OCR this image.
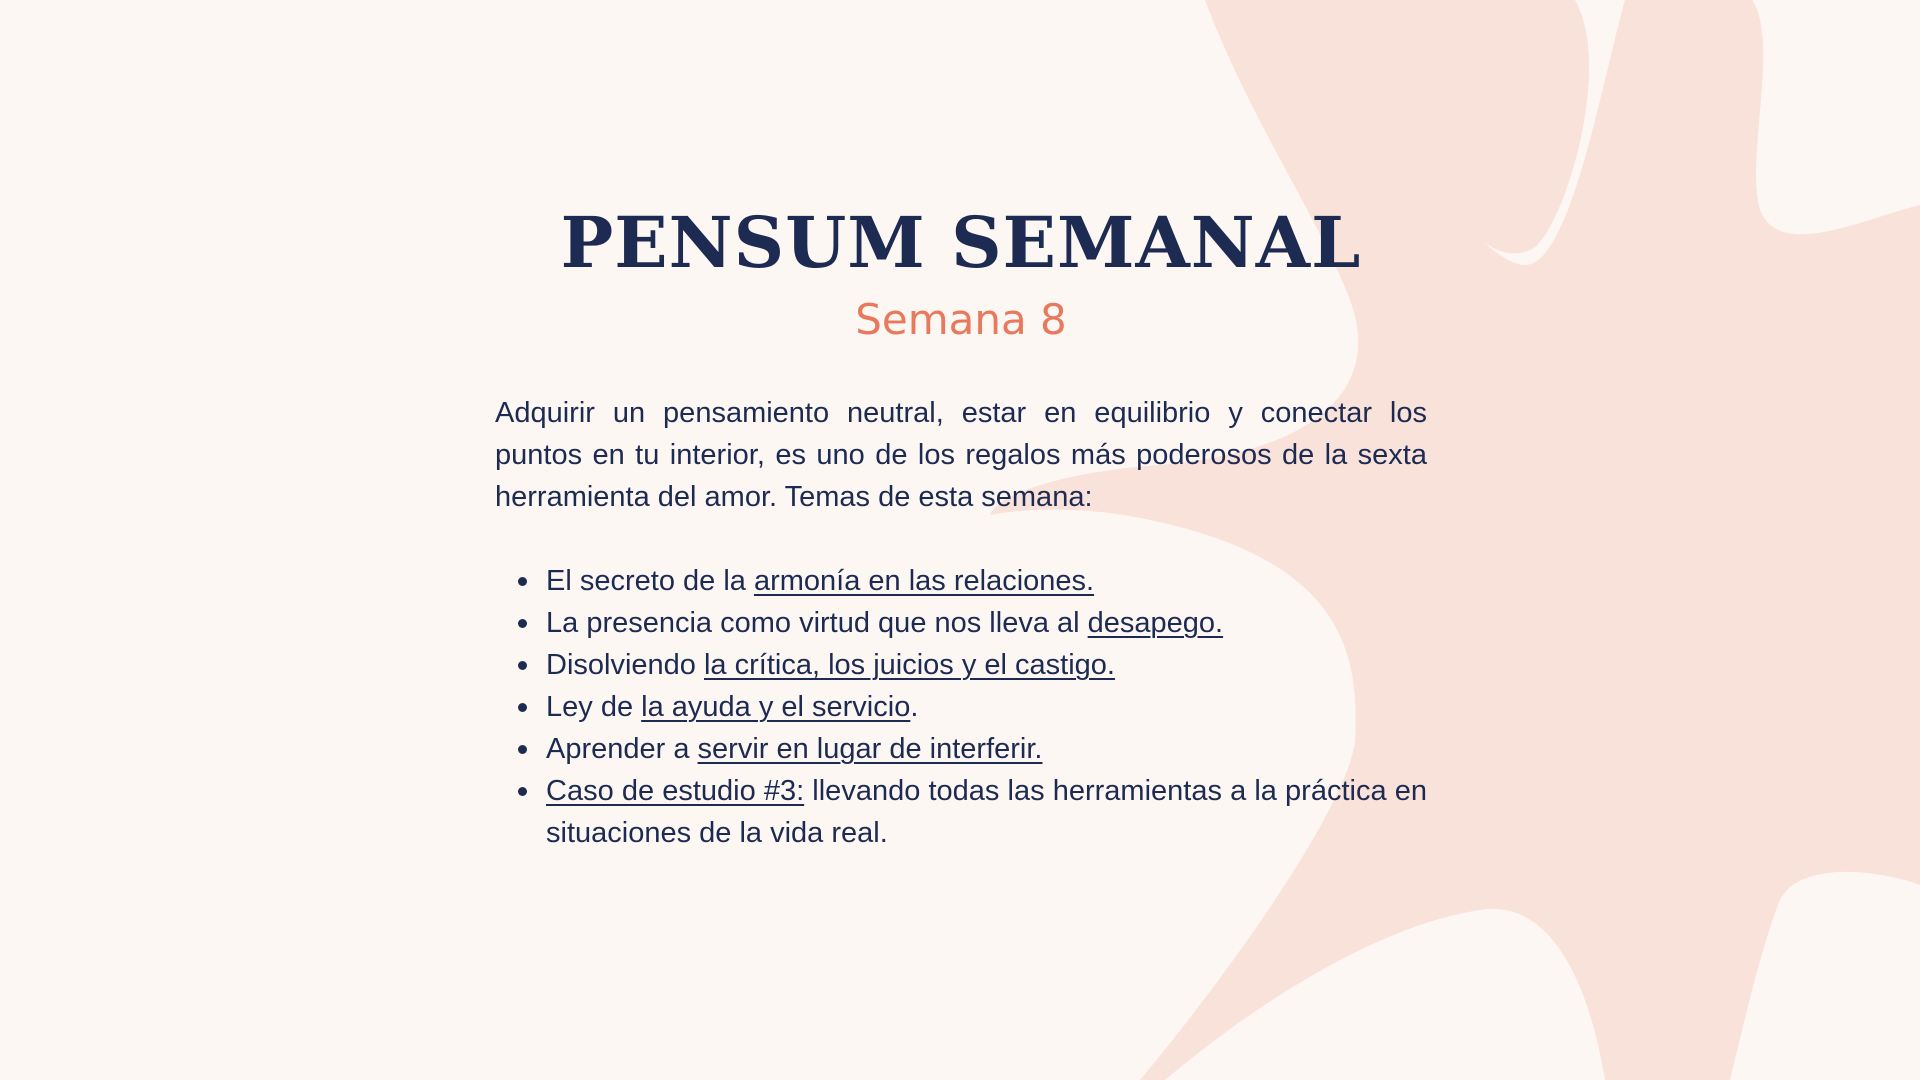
PENSUM SEMANAL

Semana 8

Adquirir un pensamiento neutral, estar en equilibrio y conectar los puntos en tu interior, es uno de los regalos más poderosos de la sexta herramienta del amor. Temas de esta semana:

El secreto de la armonía en las relaciones.
La presencia como virtud que nos lleva al desapego.
Disolviendo la crítica, los juicios y el castigo.
Ley de la ayuda y el servicio.
Aprender a servir en lugar de interferir.
Caso de estudio #3: llevando todas las herramientas a la práctica en situaciones de la vida real.
